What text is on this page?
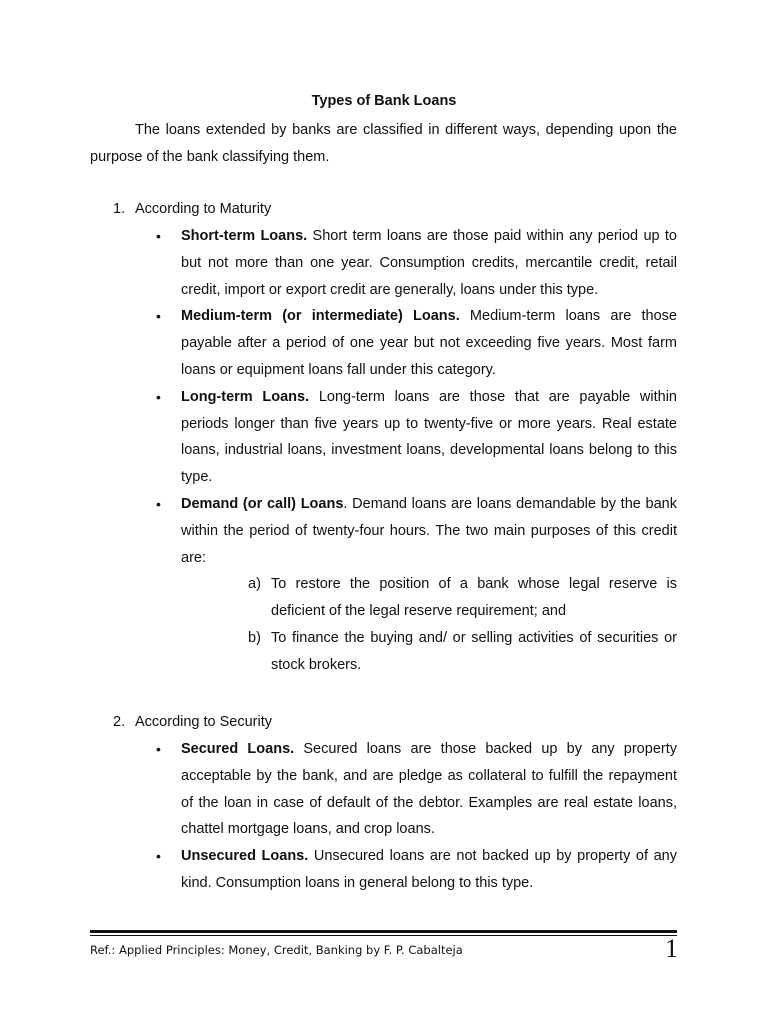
Types of Bank Loans
The loans extended by banks are classified in different ways, depending upon the purpose of the bank classifying them.
1. According to Maturity
• Short-term Loans. Short term loans are those paid within any period up to but not more than one year. Consumption credits, mercantile credit, retail credit, import or export credit are generally, loans under this type.
• Medium-term (or intermediate) Loans. Medium-term loans are those payable after a period of one year but not exceeding five years. Most farm loans or equipment loans fall under this category.
• Long-term Loans. Long-term loans are those that are payable within periods longer than five years up to twenty-five or more years. Real estate loans, industrial loans, investment loans, developmental loans belong to this type.
• Demand (or call) Loans. Demand loans are loans demandable by the bank within the period of twenty-four hours. The two main purposes of this credit are:
a) To restore the position of a bank whose legal reserve is deficient of the legal reserve requirement; and
b) To finance the buying and/ or selling activities of securities or stock brokers.
2. According to Security
• Secured Loans. Secured loans are those backed up by any property acceptable by the bank, and are pledge as collateral to fulfill the repayment of the loan in case of default of the debtor. Examples are real estate loans, chattel mortgage loans, and crop loans.
• Unsecured Loans. Unsecured loans are not backed up by property of any kind. Consumption loans in general belong to this type.
Ref.: Applied Principles: Money, Credit, Banking by F. P. Cabalteja	1
